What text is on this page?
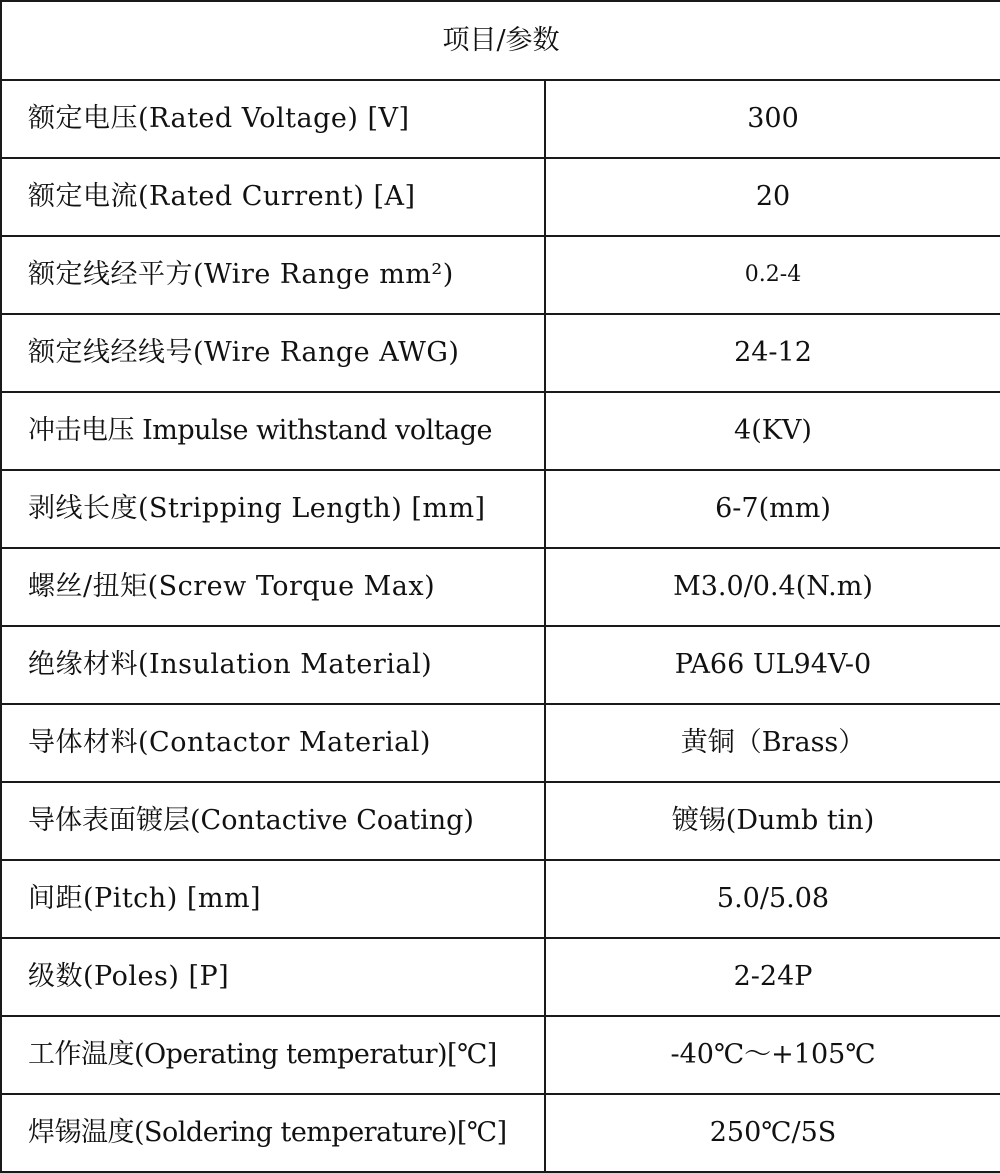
项目/参数	
额定电压(Rated Voltage) [V]	300
额定电流(Rated Current) [A]	20
额定线经平方(Wire Range mm²)	0.2-4
额定线经线号(Wire Range AWG)	24-12
冲击电压 Impulse withstand voltage	4(KV)
剥线长度(Stripping Length) [mm]	6-7(mm)
螺丝/扭矩(Screw Torque Max)	M3.0/0.4(N.m)
绝缘材料(Insulation Material)	PA66 UL94V-0
导体材料(Contactor Material)	黄铜（Brass）
导体表面镀层(Contactive Coating)	镀锡(Dumb tin)
间距(Pitch) [mm]	5.0/5.08
级数(Poles) [P]	2-24P
工作温度(Operating temperatur)[℃]	-40℃～+105℃
焊锡温度(Soldering temperature)[℃]	250℃/5S
